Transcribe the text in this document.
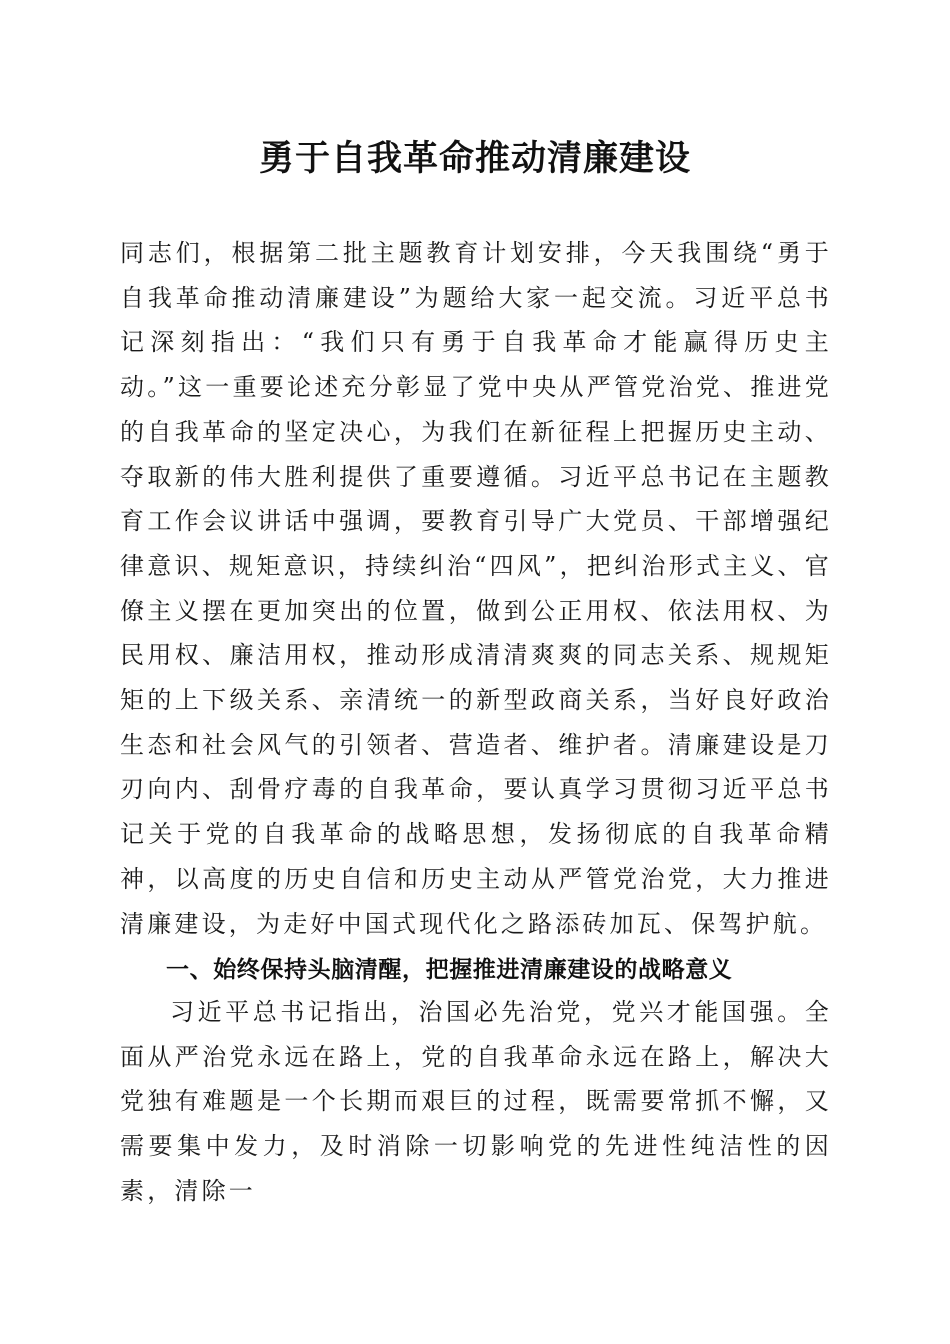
勇于自我革命推动清廉建设
同志们，根据第二批主题教育计划安排，今天我围绕“勇于自我革命推动清廉建设”为题给大家一起交流。习近平总书记深刻指出：“我们只有勇于自我革命才能赢得历史主动。”这一重要论述充分彰显了党中央从严管党治党、推进党的自我革命的坚定决心，为我们在新征程上把握历史主动、夺取新的伟大胜利提供了重要遵循。习近平总书记在主题教育工作会议讲话中强调，要教育引导广大党员、干部增强纪律意识、规矩意识，持续纠治“四风”，把纠治形式主义、官僚主义摆在更加突出的位置，做到公正用权、依法用权、为民用权、廉洁用权，推动形成清清爽爽的同志关系、规规矩矩的上下级关系、亲清统一的新型政商关系，当好良好政治生态和社会风气的引领者、营造者、维护者。清廉建设是刀刃向内、刮骨疗毒的自我革命，要认真学习贯彻习近平总书记关于党的自我革命的战略思想，发扬彻底的自我革命精神，以高度的历史自信和历史主动从严管党治党，大力推进清廉建设，为走好中国式现代化之路添砖加瓦、保驾护航。
一、始终保持头脑清醒，把握推进清廉建设的战略意义
习近平总书记指出，治国必先治党，党兴才能国强。全面从严治党永远在路上，党的自我革命永远在路上，解决大党独有难题是一个长期而艰巨的过程，既需要常抓不懈，又需要集中发力，及时消除一切影响党的先进性纯洁性的因素，清除一
